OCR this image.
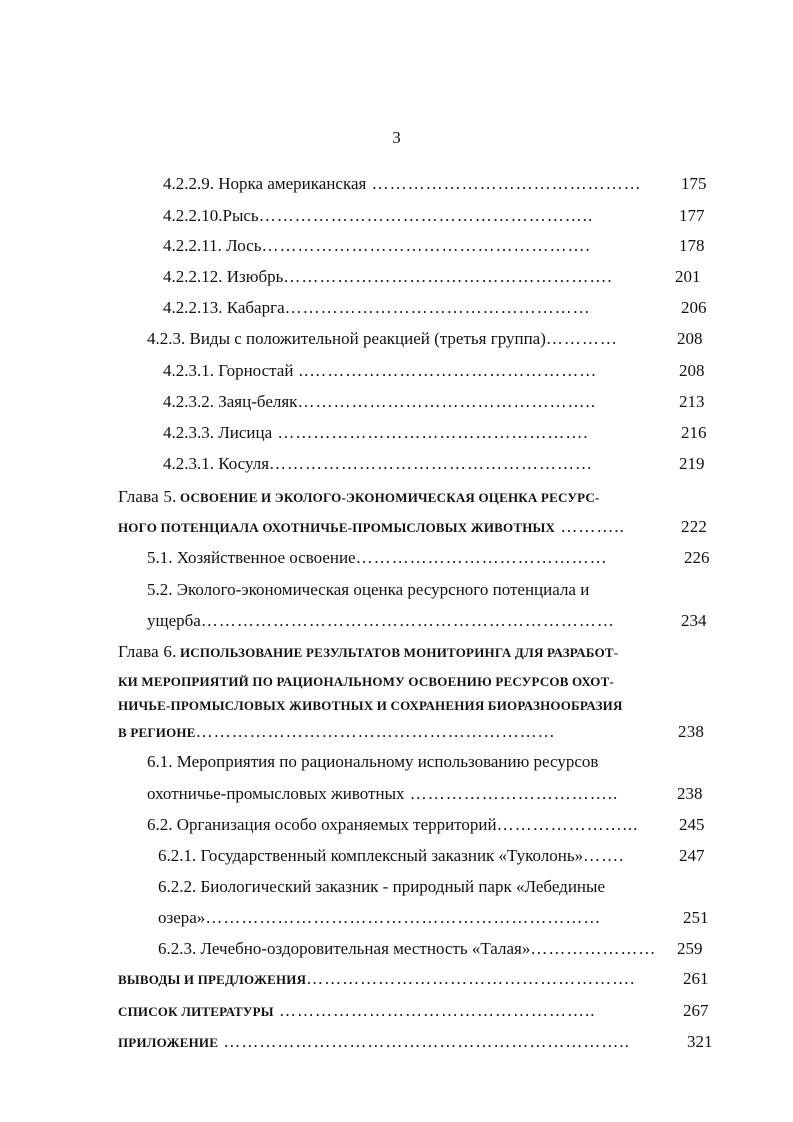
3
4.2.2.9. Норка американская ……………………………………… 175
4.2.2.10.Рысь………………………………………………..	177
4.2.2.11. Лось……………………………………………….	178
4.2.2.12. Изюбрь……………………………………………….	201
4.2.2.13. Кабарга……………………………………………	206
4.2.3. Виды с положительной реакцией (третья группа)…………	208
4.2.3.1. Горностай ..…………………………………………	208
4.2.3.2. Заяц-беляк…………………………………………..	213
4.2.3.3. Лисица …………………………………………….	216
4.2.3.1. Косуля………………………………………………	219
Глава 5. ОСВОЕНИЕ И ЭКОЛОГО-ЭКОНОМИЧЕСКАЯ ОЦЕНКА РЕСУРС-
НОГО ПОТЕНЦИАЛА ОХОТНИЧЬЕ-ПРОМЫСЛОВЫХ ЖИВОТНЫХ ………..	222
5.1. Хозяйственное освоение……………………………………	226
5.2. Эколого-экономическая оценка ресурсного потенциала и
ущерба……………………………………………………………	234
Глава 6. ИСПОЛЬЗОВАНИЕ РЕЗУЛЬТАТОВ МОНИТОРИНГА ДЛЯ РАЗРАБОТ-
КИ МЕРОПРИЯТИЙ ПО РАЦИОНАЛЬНОМУ ОСВОЕНИЮ РЕСУРСОВ ОХОТ-
НИЧЬЕ-ПРОМЫСЛОВЫХ ЖИВОТНЫХ И СОХРАНЕНИЯ БИОРАЗНООБРАЗИЯ
В РЕГИОНЕ……………………………………………………	238
6.1. Мероприятия по рациональному использованию ресурсов
охотничье-промысловых животных ……………………………..	238
6.2. Организация особо охраняемых территорий…………………... 245
6.2.1. Государственный комплексный заказник «Туколонь»…….	247
6.2.2. Биологический заказник - природный парк «Лебединые
озера»…………………………………………………………	251
6.2.3. Лечебно-оздоровительная местность «Талая»………………… 259
ВЫВОДЫ И ПРЕДЛОЖЕНИЯ……………………………………………….	261
СПИСОК ЛИТЕРАТУРЫ ……………………………………………..	267
ПРИЛОЖЕНИЕ …………………………………………………………..	321
